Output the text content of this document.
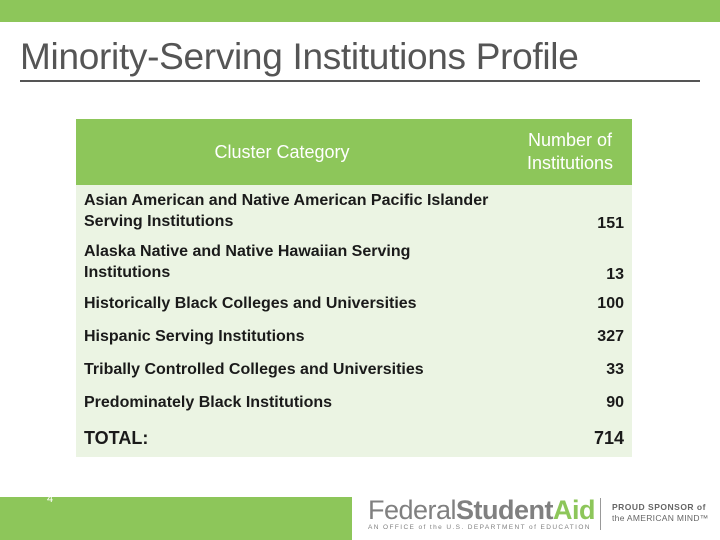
Minority-Serving Institutions Profile
Cluster Category	Number of Institutions
Asian American and Native American Pacific Islander Serving Institutions	151
Alaska Native and Native Hawaiian Serving Institutions	13
Historically Black Colleges and Universities	100
Hispanic Serving Institutions	327
Tribally Controlled Colleges and Universities	33
Predominately Black Institutions	90
TOTAL:	714
4	FederalStudentAid
AN OFFICE of the U.S. DEPARTMENT of EDUCATION
PROUD SPONSOR of
the AMERICAN MIND™
